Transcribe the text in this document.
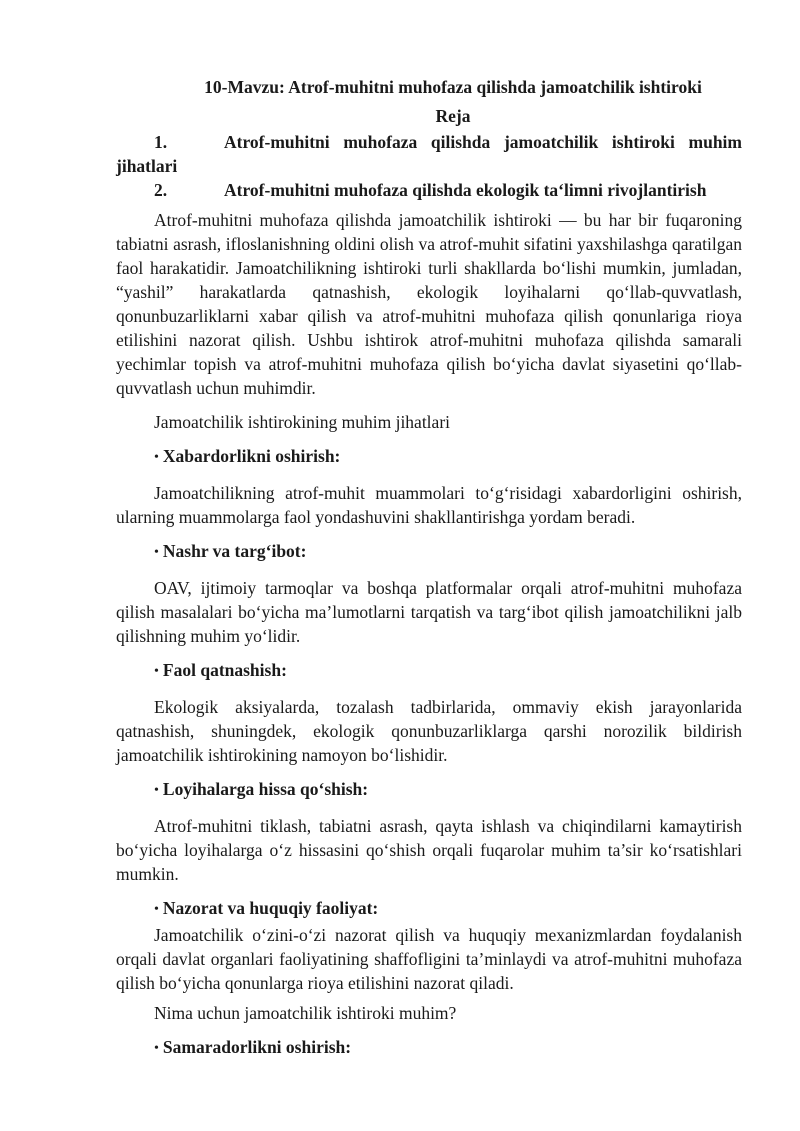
10-Mavzu: Atrof-muhitni muhofaza qilishda jamoatchilik ishtiroki
Reja

1.	Atrof-muhitni muhofaza qilishda jamoatchilik ishtiroki muhim jihatlari

2.	Atrof-muhitni muhofaza qilishda ekologik ta‘limni rivojlantirish

Atrof-muhitni muhofaza qilishda jamoatchilik ishtiroki — bu har bir fuqaroning tabiatni asrash, ifloslanishning oldini olish va atrof-muhit sifatini yaxshilashga qaratilgan faol harakatidir. Jamoatchilikning ishtiroki turli shakllarda bo‘lishi mumkin, jumladan, “yashil” harakatlarda qatnashish, ekologik loyihalarni qo‘llab-quvvatlash, qonunbuzarliklarni xabar qilish va atrof-muhitni muhofaza qilish qonunlariga rioya etilishini nazorat qilish. Ushbu ishtirok atrof-muhitni muhofaza qilishda samarali yechimlar topish va atrof-muhitni muhofaza qilish bo‘yicha davlat siyasetini qo‘llab-quvvatlash uchun muhimdir.

Jamoatchilik ishtirokining muhim jihatlari

• Xabardorlikni oshirish:

Jamoatchilikning atrof-muhit muammolari to‘g‘risidagi xabardorligini oshirish, ularning muammolarga faol yondashuvini shakllantirishga yordam beradi.

• Nashr va targ‘ibot:

OAV, ijtimoiy tarmoqlar va boshqa platformalar orqali atrof-muhitni muhofaza qilish masalalari bo‘yicha ma’lumotlarni tarqatish va targ‘ibot qilish jamoatchilikni jalb qilishning muhim yo‘lidir.

• Faol qatnashish:

Ekologik aksiyalarda, tozalash tadbirlarida, ommaviy ekish jarayonlarida qatnashish, shuningdek, ekologik qonunbuzarliklarga qarshi norozilik bildirish jamoatchilik ishtirokining namoyon bo‘lishidir.

• Loyihalarga hissa qo‘shish:

Atrof-muhitni tiklash, tabiatni asrash, qayta ishlash va chiqindilarni kamaytirish bo‘yicha loyihalarga o‘z hissasini qo‘shish orqali fuqarolar muhim ta’sir ko‘rsatishlari mumkin.

• Nazorat va huquqiy faoliyat:

Jamoatchilik o‘zini-o‘zi nazorat qilish va huquqiy mexanizmlardan foydalanish orqali davlat organlari faoliyatining shaffofligini ta’minlaydi va atrof-muhitni muhofaza qilish bo‘yicha qonunlarga rioya etilishini nazorat qiladi.

Nima uchun jamoatchilik ishtiroki muhim?

• Samaradorlikni oshirish:
